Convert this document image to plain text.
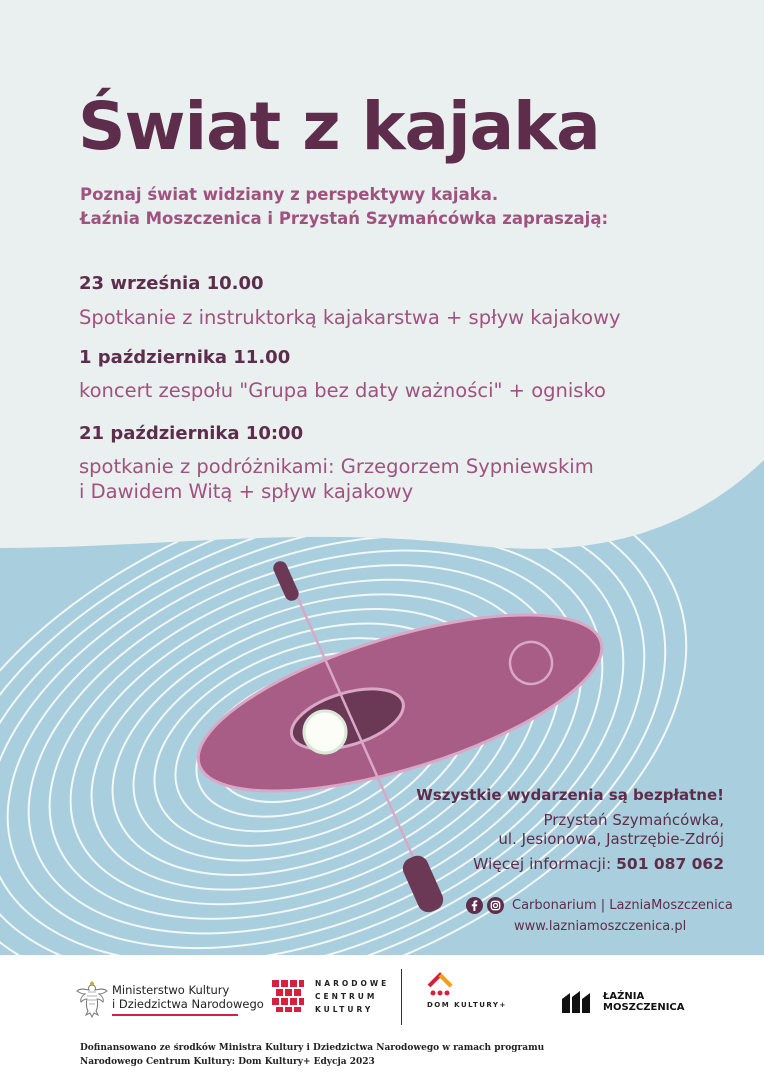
Świat z kajaka

Poznaj świat widziany z perspektywy kajaka.

Łaźnia Moszczenica i Przystań Szymańcówka zapraszają:

23 września 10.00

Spotkanie z instruktorką kajakarstwa + spływ kajakowy

1 października 11.00

koncert zespołu "Grupa bez daty ważności" + ognisko

21 października 10:00

spotkanie z podróżnikami: Grzegorzem Sypniewskim

i Dawidem Witą + spływ kajakowy

Wszystkie wydarzenia są bezpłatne!

Przystań Szymańcówka,

ul. Jesionowa, Jastrzębie-Zdrój

Więcej informacji: 501 087 062

Carbonarium | LazniaMoszczenica

www.lazniamoszczenica.pl

Ministerstwo Kultury
i Dziedzictwa Narodowego
NARODOWE
CENTRUM
KULTURY	DOM KULTURY+
ŁAŹNIA
MOSZCZENICA

Dofinansowano ze środków Ministra Kultury i Dziedzictwa Narodowego w ramach programu
Narodowego Centrum Kultury: Dom Kultury+ Edycja 2023
